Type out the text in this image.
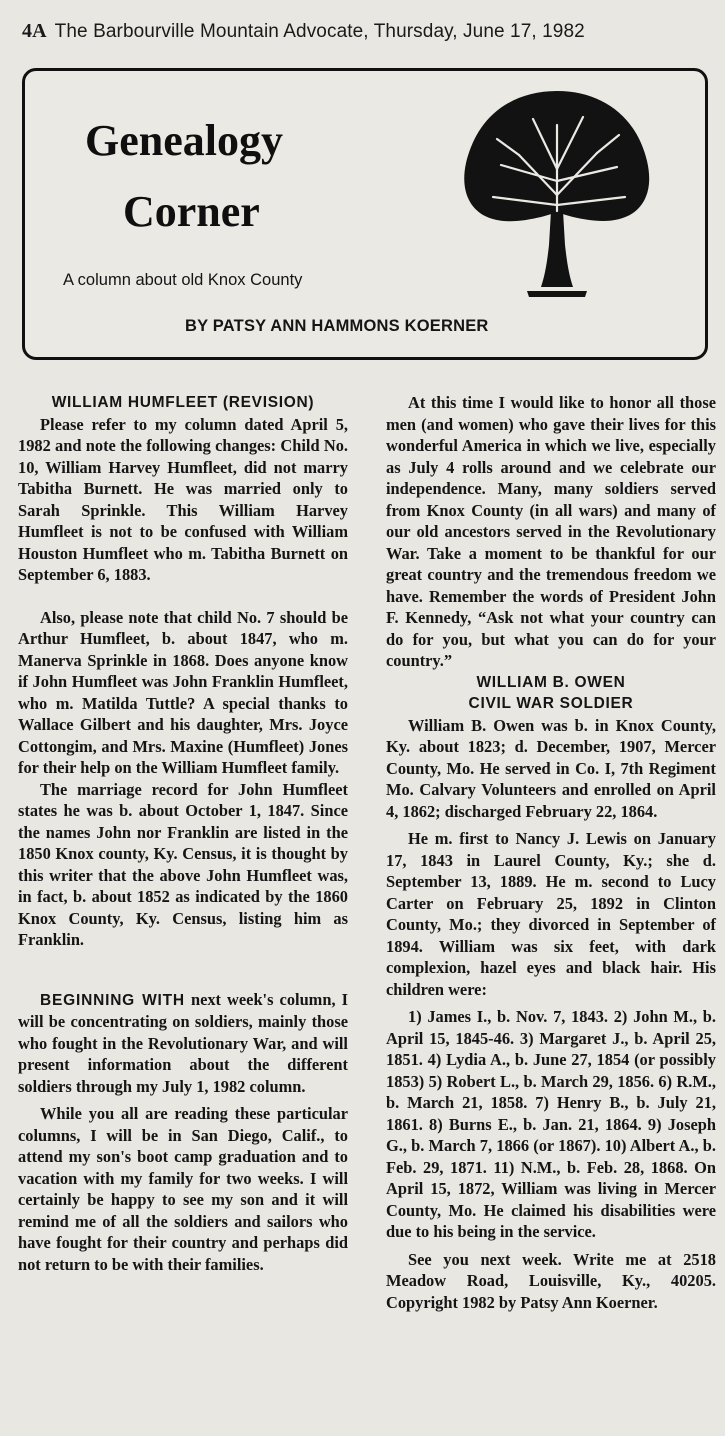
4A The Barbourville Mountain Advocate, Thursday, June 17, 1982
Genealogy
Corner
A column about old Knox County
BY PATSY ANN HAMMONS KOERNER
WILLIAM HUMFLEET (REVISION)

Please refer to my column dated April 5, 1982 and note the following changes: Child No. 10, William Harvey Humfleet, did not marry Tabitha Burnett. He was married only to Sarah Sprinkle. This William Harvey Humfleet is not to be confused with William Houston Humfleet who m. Tabitha Burnett on September 6, 1883.

Also, please note that child No. 7 should be Arthur Humfleet, b. about 1847, who m. Manerva Sprinkle in 1868. Does anyone know if John Humfleet was John Franklin Humfleet, who m. Matilda Tuttle? A special thanks to Wallace Gilbert and his daughter, Mrs. Joyce Cottongim, and Mrs. Maxine (Humfleet) Jones for their help on the William Humfleet family.

The marriage record for John Humfleet states he was b. about October 1, 1847. Since the names John nor Franklin are listed in the 1850 Knox county, Ky. Census, it is thought by this writer that the above John Humfleet was, in fact, b. about 1852 as indicated by the 1860 Knox County, Ky. Census, listing him as Franklin.

BEGINNING WITH next week's column, I will be concentrating on soldiers, mainly those who fought in the Revolutionary War, and will present information about the different soldiers through my July 1, 1982 column.

While you all are reading these particular columns, I will be in San Diego, Calif., to attend my son's boot camp graduation and to vacation with my family for two weeks. I will certainly be happy to see my son and it will remind me of all the soldiers and sailors who have fought for their country and perhaps did not return to be with their families.

At this time I would like to honor all those men (and women) who gave their lives for this wonderful America in which we live, especially as July 4 rolls around and we celebrate our independence. Many, many soldiers served from Knox County (in all wars) and many of our old ancestors served in the Revolutionary War. Take a moment to be thankful for our great country and the tremendous freedom we have. Remember the words of President John F. Kennedy, “Ask not what your country can do for you, but what you can do for your country.”

WILLIAM B. OWEN
CIVIL WAR SOLDIER

William B. Owen was b. in Knox County, Ky. about 1823; d. December, 1907, Mercer County, Mo. He served in Co. I, 7th Regiment Mo. Calvary Volunteers and enrolled on April 4, 1862; discharged February 22, 1864.

He m. first to Nancy J. Lewis on January 17, 1843 in Laurel County, Ky.; she d. September 13, 1889. He m. second to Lucy Carter on February 25, 1892 in Clinton County, Mo.; they divorced in September of 1894. William was six feet, with dark complexion, hazel eyes and black hair. His children were:

1) James I., b. Nov. 7, 1843. 2) John M., b. April 15, 1845-46. 3) Margaret J., b. April 25, 1851. 4) Lydia A., b. June 27, 1854 (or possibly 1853) 5) Robert L., b. March 29, 1856. 6) R.M., b. March 21, 1858. 7) Henry B., b. July 21, 1861. 8) Burns E., b. Jan. 21, 1864. 9) Joseph G., b. March 7, 1866 (or 1867). 10) Albert A., b. Feb. 29, 1871. 11) N.M., b. Feb. 28, 1868. On April 15, 1872, William was living in Mercer County, Mo. He claimed his disabilities were due to his being in the service.

See you next week. Write me at 2518 Meadow Road, Louisville, Ky., 40205. Copyright 1982 by Patsy Ann Koerner.
